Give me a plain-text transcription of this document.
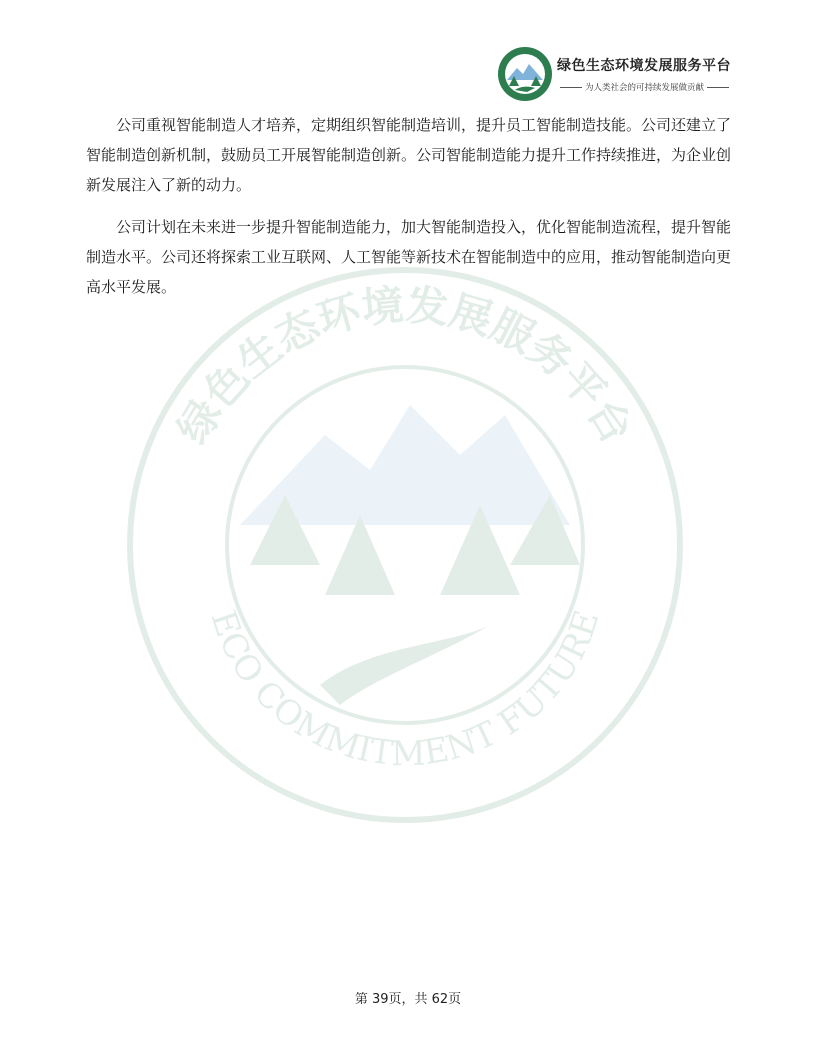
绿色生态环境发展服务平台
ECO COMMITMENT FUTURE
绿色生态环境发展服务平台
为人类社会的可持续发展做贡献

公司重视智能制造人才培养，定期组织智能制造培训，提升员工智能制造技能。公司还建立了智能制造创新机制，鼓励员工开展智能制造创新。公司智能制造能力提升工作持续推进，为企业创新发展注入了新的动力。

公司计划在未来进一步提升智能制造能力，加大智能制造投入，优化智能制造流程，提升智能制造水平。公司还将探索工业互联网、人工智能等新技术在智能制造中的应用，推动智能制造向更高水平发展。

第 39页，共 62页
